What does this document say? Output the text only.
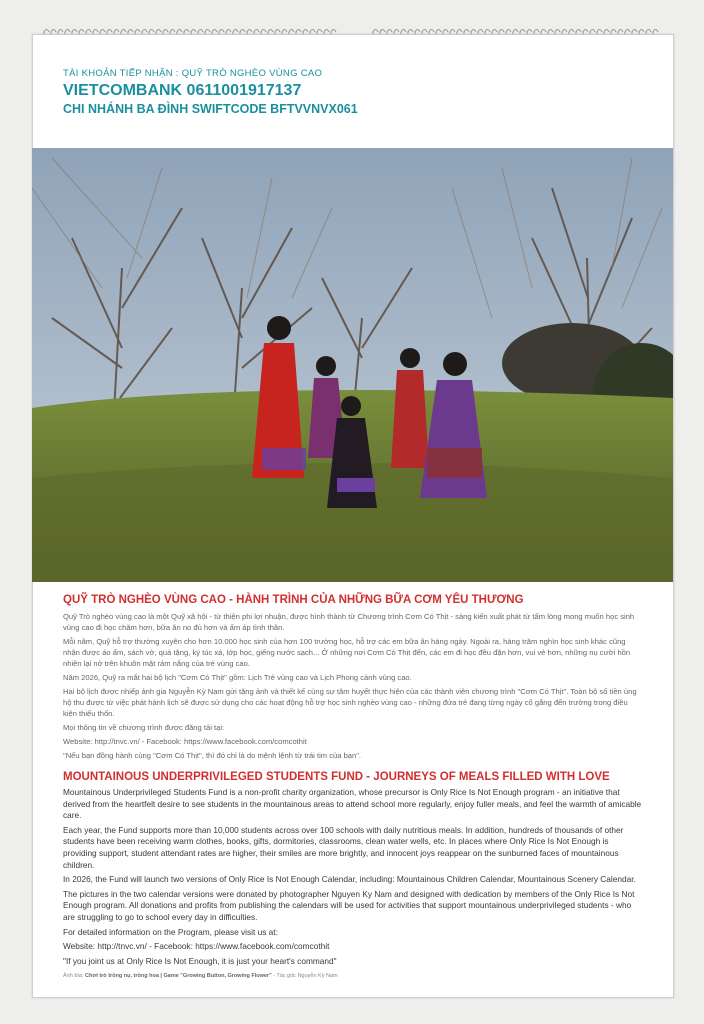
TÀI KHOẢN TIẾP NHẬN : QUỸ TRÒ NGHÈO VÙNG CAO
VIETCOMBANK 0611001917137
CHI NHÁNH BA ĐÌNH SWIFTCODE BFTVVNVX061
QUỸ TRÒ NGHÈO VÙNG CAO - HÀNH TRÌNH CỦA NHỮNG BỮA CƠM YÊU THƯƠNG

Quỹ Trò nghèo vùng cao là một Quỹ xã hội - từ thiện phi lợi nhuận, được hình thành từ Chương trình Cơm Có Thịt - sáng kiến xuất phát từ tấm lòng mong muốn học sinh vùng cao đi học chăm hơn, bữa ăn no đủ hơn và ấm áp tình thân.

Mỗi năm, Quỹ hỗ trợ thường xuyên cho hơn 10.000 học sinh của hơn 100 trường học, hỗ trợ các em bữa ăn hàng ngày. Ngoài ra, hàng trăm nghìn học sinh khác cũng nhận được áo ấm, sách vở, quà tặng, ký túc xá, lớp học, giếng nước sạch... Ở những nơi Cơm Có Thịt đến, các em đi học đều đặn hơn, vui vẻ hơn, những nụ cười hồn nhiên lại nở trên khuôn mặt rám nắng của trẻ vùng cao.

Năm 2026, Quỹ ra mắt hai bộ lịch "Cơm Có Thịt" gồm: Lịch Trẻ vùng cao và Lịch Phong cảnh vùng cao.

Hai bộ lịch được nhiếp ảnh gia Nguyễn Kỳ Nam gửi tặng ảnh và thiết kế cùng sự tâm huyết thực hiện của các thành viên chương trình "Cơm Có Thịt". Toàn bộ số tiền ủng hộ thu được từ việc phát hành lịch sẽ được sử dụng cho các hoạt động hỗ trợ học sinh nghèo vùng cao - những đứa trẻ đang từng ngày cố gắng đến trường trong điều kiện thiếu thốn.

Mọi thông tin về chương trình được đăng tải tại:

Website: http://tnvc.vn/ - Facebook: https://www.facebook.com/comcothit

"Nếu bạn đồng hành cùng "Cơm Có Thịt", thì đó chỉ là do mệnh lệnh từ trái tim của bạn".

MOUNTAINOUS UNDERPRIVILEGED STUDENTS FUND - JOURNEYS OF MEALS FILLED WITH LOVE

Mountainous Underprivileged Students Fund is a non-profit charity organization, whose precursor is Only Rice Is Not Enough program - an initiative that derived from the heartfelt desire to see students in the mountainous areas to attend school more regularly, enjoy fuller meals, and feel the warmth of amicable care.

Each year, the Fund supports more than 10,000 students across over 100 schools with daily nutritious meals. In addition, hundreds of thousands of other students have been receiving warm clothes, books, gifts, dormitories, classrooms, clean water wells, etc. In places where Only Rice Is Not Enough is providing support, student attendant rates are higher, their smiles are more brightly, and innocent joys reappear on the sunburned faces of mountainous children.

In 2026, the Fund will launch two versions of Only Rice Is Not Enough Calendar, including: Mountainous Children Calendar, Mountainous Scenery Calendar.

The pictures in the two calendar versions were donated by photographer Nguyen Ky Nam and designed with dedication by members of the Only Rice Is Not Enough program. All donations and profits from publishing the calendars will be used for activities that support mountainous underprivileged students - who are struggling to go to school every day in difficulties.

For detailed information on the Program, please visit us at:

Website: http://tnvc.vn/ - Facebook: https://www.facebook.com/comcothit

"If you joint us at Only Rice Is Not Enough, it is just your heart's command"

Ảnh bìa: Chơi trò trồng nụ, trồng hoa | Game "Growing Button, Growing Flower" - Tác giả: Nguyễn Kỳ Nam
